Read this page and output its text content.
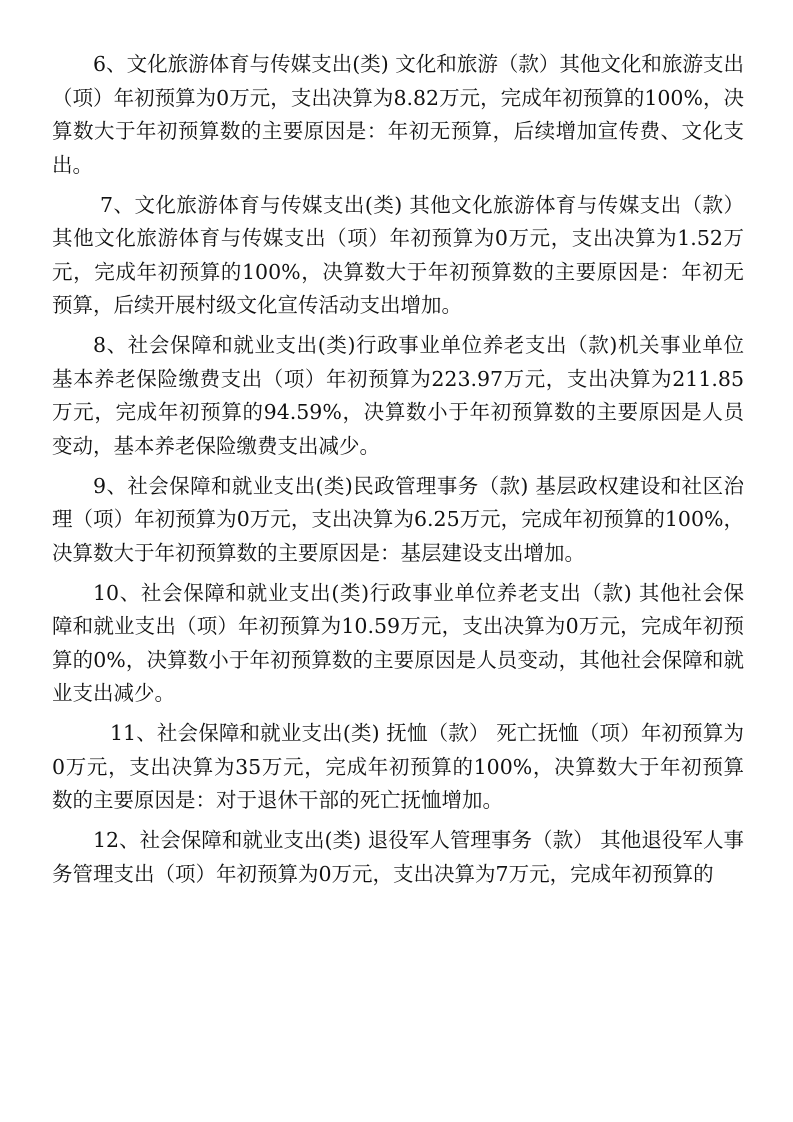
6、文化旅游体育与传媒支出(类) 文化和旅游（款）其他文化和旅游支出（项）年初预算为0万元，支出决算为8.82万元，完成年初预算的100%，决算数大于年初预算数的主要原因是：年初无预算，后续增加宣传费、文化支出。

7、文化旅游体育与传媒支出(类) 其他文化旅游体育与传媒支出（款）其他文化旅游体育与传媒支出（项）年初预算为0万元，支出决算为1.52万元，完成年初预算的100%，决算数大于年初预算数的主要原因是：年初无预算，后续开展村级文化宣传活动支出增加。

8、社会保障和就业支出(类)行政事业单位养老支出（款)机关事业单位基本养老保险缴费支出（项）年初预算为223.97万元，支出决算为211.85万元，完成年初预算的94.59%，决算数小于年初预算数的主要原因是人员变动，基本养老保险缴费支出减少。

9、社会保障和就业支出(类)民政管理事务（款) 基层政权建设和社区治理（项）年初预算为0万元，支出决算为6.25万元，完成年初预算的100%，决算数大于年初预算数的主要原因是：基层建设支出增加。

10、社会保障和就业支出(类)行政事业单位养老支出（款) 其他社会保障和就业支出（项）年初预算为10.59万元，支出决算为0万元，完成年初预算的0%，决算数小于年初预算数的主要原因是人员变动，其他社会保障和就业支出减少。

11、社会保障和就业支出(类) 抚恤（款） 死亡抚恤（项）年初预算为0万元，支出决算为35万元，完成年初预算的100%，决算数大于年初预算数的主要原因是：对于退休干部的死亡抚恤增加。

12、社会保障和就业支出(类) 退役军人管理事务（款） 其他退役军人事务管理支出（项）年初预算为0万元，支出决算为7万元，完成年初预算的
